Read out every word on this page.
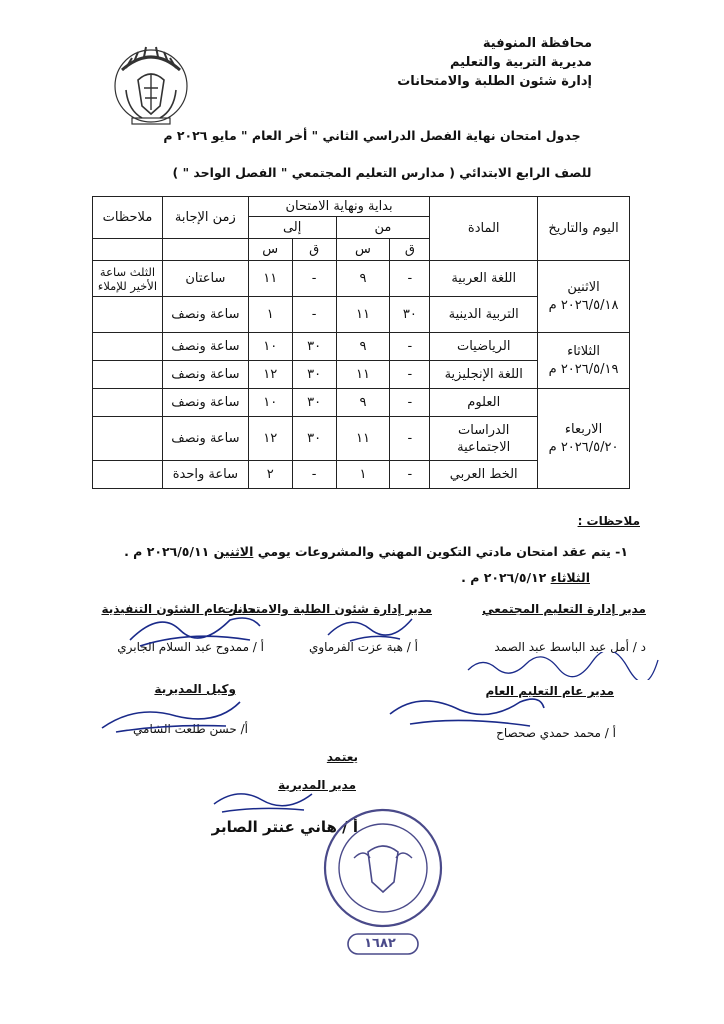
محافظة المنوفية
مديرية التربية والتعليم
إدارة شئون الطلبة والامتحانات
جدول امتحان نهاية الفصل الدراسي الثاني " أخر العام " مايو ٢٠٢٦ م
للصف الرابع الابتدائي ( مدارس التعليم المجتمعي " الفصل الواحد " )
اليوم والتاريخ	المادة	بداية ونهاية الامتحان				زمن الإجابة	ملاحظات
		من		إلى			
		ق	س	ق	س		

الاثنين
٢٠٢٦/٥/١٨ م	اللغة العربية	-	٩	-	١١	ساعتان	الثلث ساعة الأخير للإملاء
	التربية الدينية	٣٠	١١	-	١	ساعة ونصف	

الثلاثاء
٢٠٢٦/٥/١٩ م	الرياضيات	-	٩	٣٠	١٠	ساعة ونصف	
	اللغة الإنجليزية	-	١١	٣٠	١٢	ساعة ونصف	

الاربعاء
٢٠٢٦/٥/٢٠ م	العلوم	-	٩	٣٠	١٠	ساعة ونصف	
	الدراسات الاجتماعية	-	١١	٣٠	١٢	ساعة ونصف	
	الخط العربي	-	١	-	٢	ساعة واحدة	
ملاحظات :
١- يتم عقد امتحان مادتي التكوين المهني والمشروعات يومي الاثنين ٢٠٢٦/٥/١١ م .
الثلاثاء ٢٠٢٦/٥/١٢ م .
مدير إدارة التعليم المجتمعي
د / أمل عبد الباسط عبد الصمد
مدير إدارة شئون الطلبة والامتحانات
أ / هبة عزت الفرماوي
مدير عام الشئون التنفيذية
أ / ممدوح عبد السلام الجابري
مدير عام التعليم العام
أ / محمد حمدي صحصاح
وكيل المديرية
أ/ حسن طلعت الشامي
يعتمد
مدير المديرية
أ / هاني عنتر الصابر
١٦٨٢
